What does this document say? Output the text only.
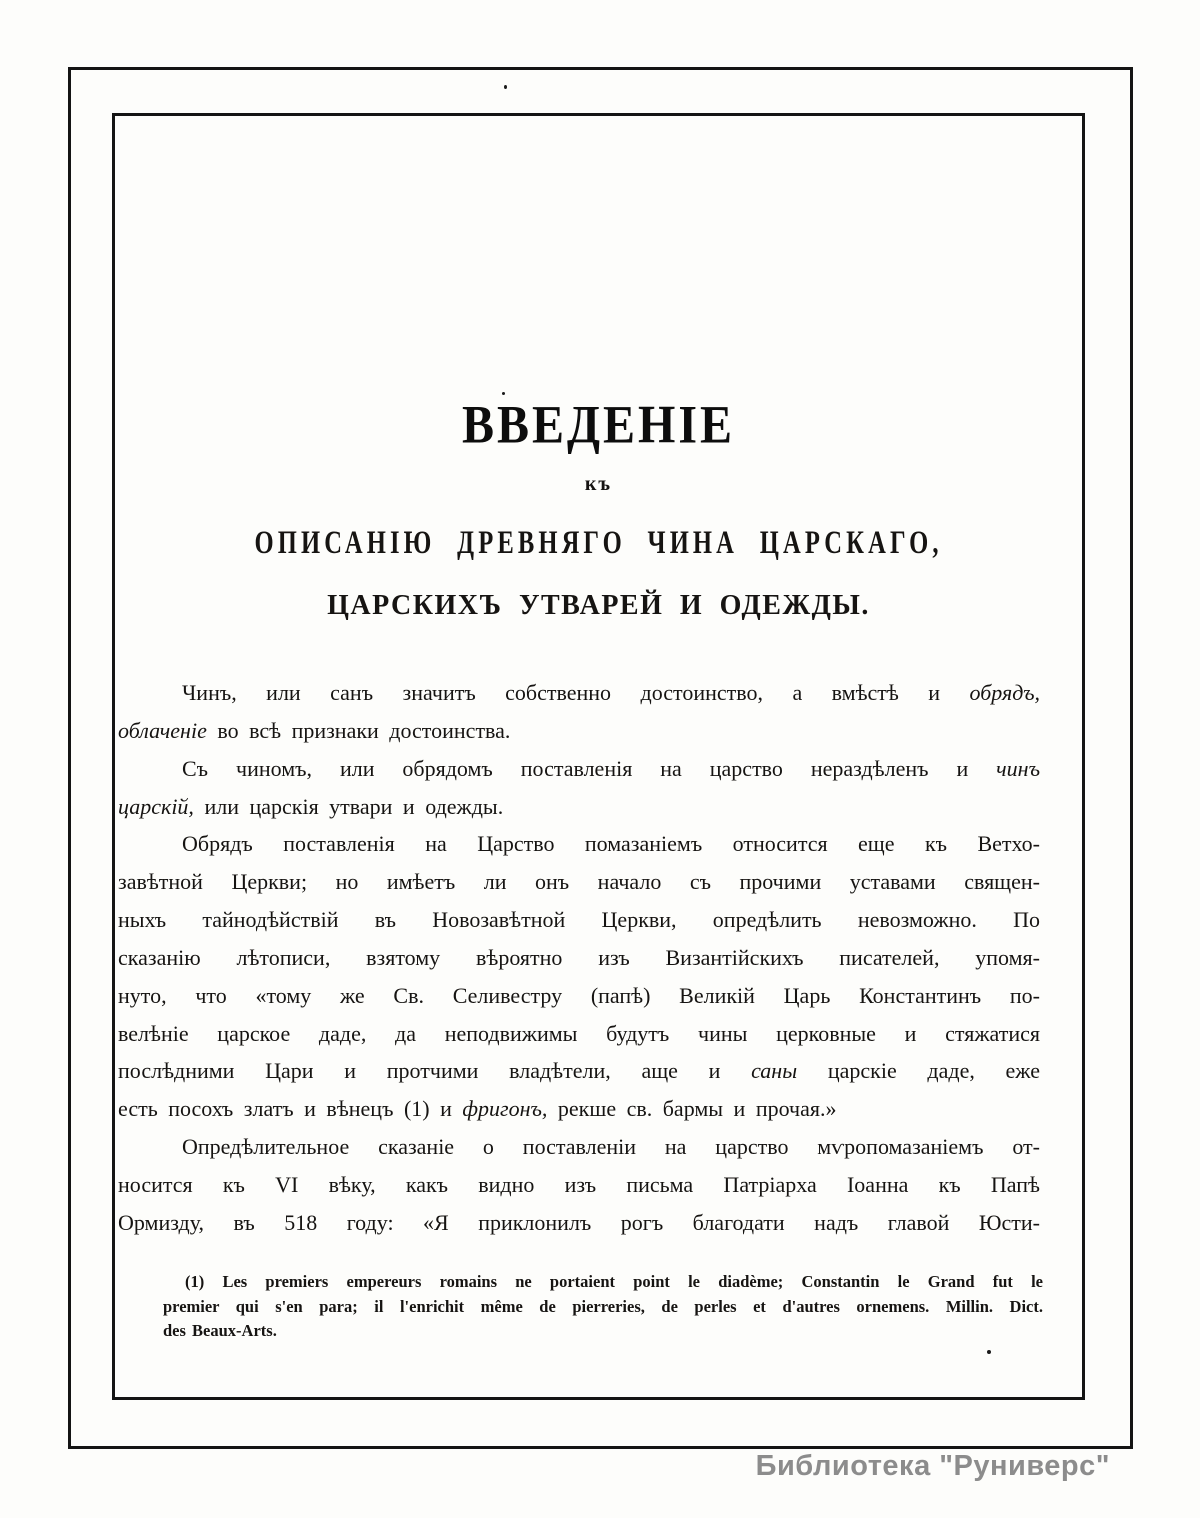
ВВЕДЕНІЕ
къ
ОПИСАНІЮ ДРЕВНЯГО ЧИНА ЦАРСКАГО,
ЦАРСКИХЪ УТВАРЕЙ И ОДЕЖДЫ.
Чинъ, или санъ значитъ собственно достоинство, а вмѣстѣ и обрядъ,
облаченіе во всѣ признаки достоинства.
Съ чиномъ, или обрядомъ поставленія на царство нераздѣленъ и чинъ
царскій, или царскія утвари и одежды.
Обрядъ поставленія на Царство помазаніемъ относится еще къ Ветхо-
завѣтной Церкви; но имѣетъ ли онъ начало съ прочими уставами священ-
ныхъ тайнодѣйствій въ Новозавѣтной Церкви, опредѣлить невозможно. По
сказанію лѣтописи, взятому вѣроятно изъ Византійскихъ писателей, упомя-
нуто, что «тому же Св. Селивестру (папѣ) Великій Царь Константинъ по-
велѣніе царское даде, да неподвижимы будутъ чины церковные и стяжатися
послѣдними Цари и протчими владѣтели, аще и саны царскіе даде, еже
есть посохъ златъ и вѣнецъ (1) и фригонъ, рекше св. бармы и прочая.»
Опредѣлительное сказаніе о поставленіи на царство мѵропомазаніемъ от-
носится къ VI вѣку, какъ видно изъ письма Патріарха Іоанна къ Папѣ
Ормизду, въ 518 году: «Я приклонилъ рогъ благодати надъ главой Юсти-
(1) Les premiers empereurs romains ne portaient point le diadème; Constantin le Grand fut le
premier qui s'en para; il l'enrichit même de pierreries, de perles et d'autres ornemens. Millin. Dict.
des Beaux-Arts.
Библиотека "Руниверс"
